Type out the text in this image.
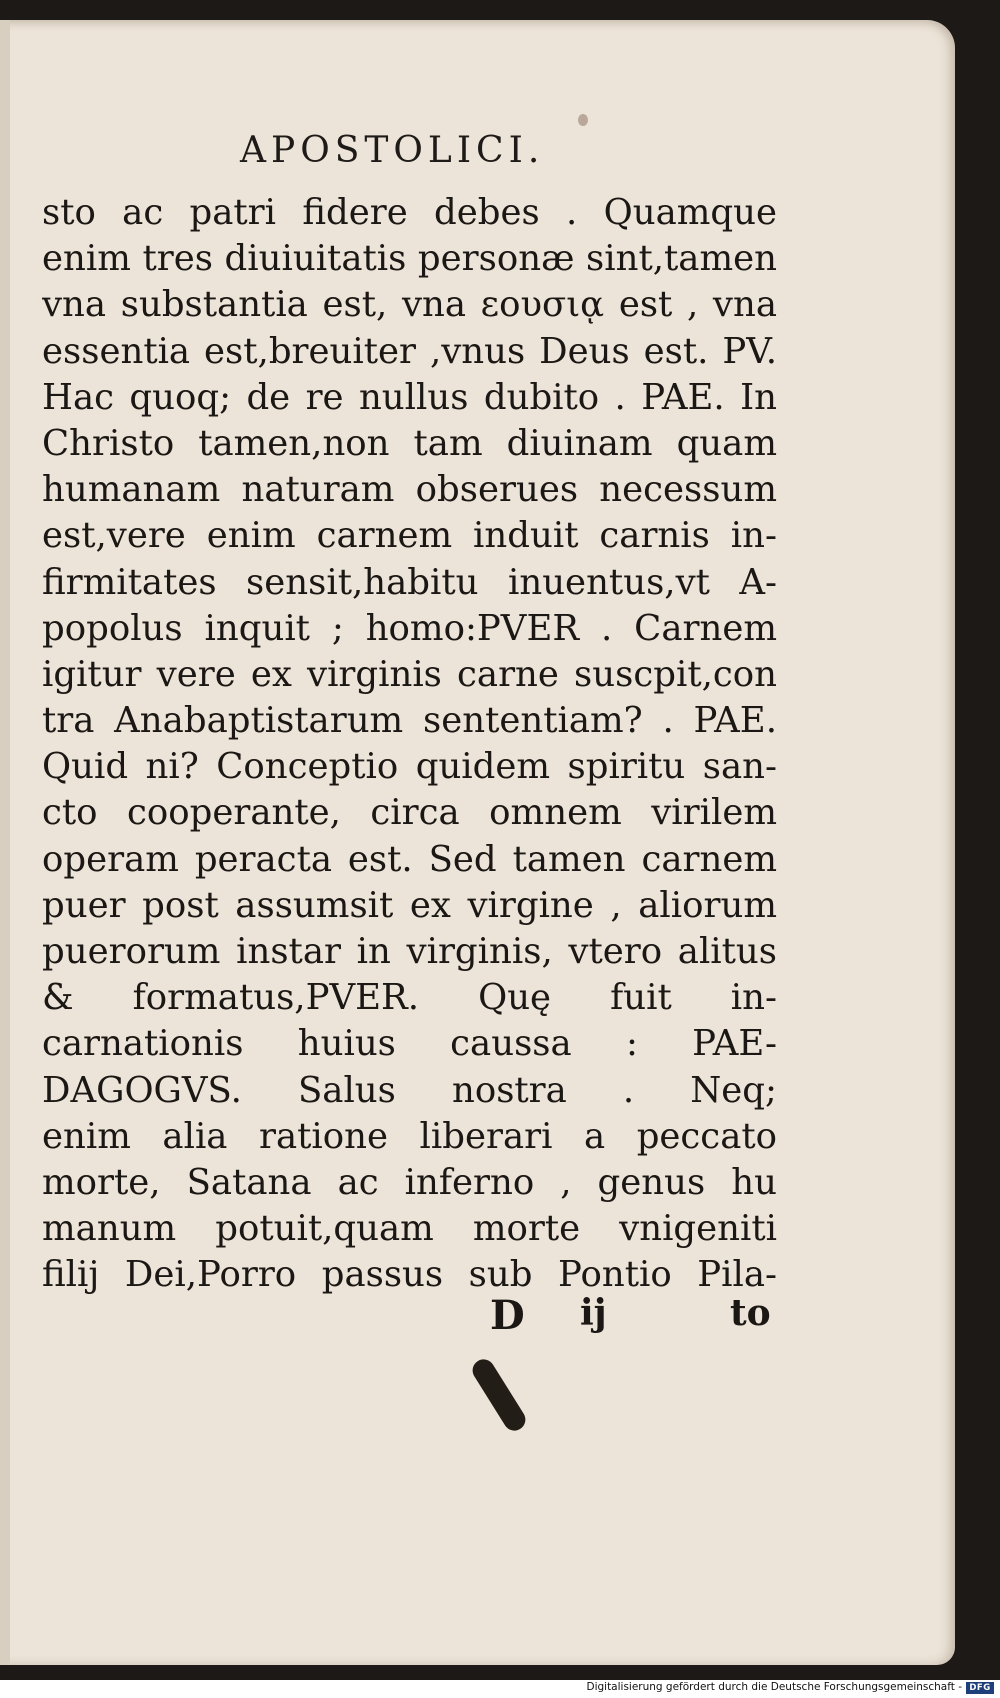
APOSTOLICI.
sto ac patri fidere debes . Quamque
enim tres diuiuitatis personæ sint,tamen
vna substantia est, vna ɛουσιᾳ est , vna
essentia est,breuiter ,vnus Deus est. PV.
Hac quoq; de re nullus dubito . PAE. In
Christo tamen,non tam diuinam quam
humanam naturam obserues necessum
est,vere enim carnem induit carnis in-
firmitates sensit,habitu inuentus,vt A-
popolus inquit ; homo:PVER . Carnem
igitur vere ex virginis carne suscpit,con
tra Anabaptistarum sententiam? . PAE.
Quid ni? Conceptio quidem spiritu san-
cto cooperante, circa omnem virilem
operam peracta est. Sed tamen carnem
puer post assumsit ex virgine , aliorum
puerorum instar in virginis, vtero alitus
& formatus,PVER. Quę fuit in-
carnationis huius caussa : PAE-
DAGOGVS. Salus nostra . Neq;
enim alia ratione liberari a peccato
morte, Satana ac inferno , genus hu
manum potuit,quam morte vnigeniti
filij Dei,Porro passus sub Pontio Pila-
D ij	to
Digitalisierung gefördert durch die Deutsche Forschungsgemeinschaft - DFG
